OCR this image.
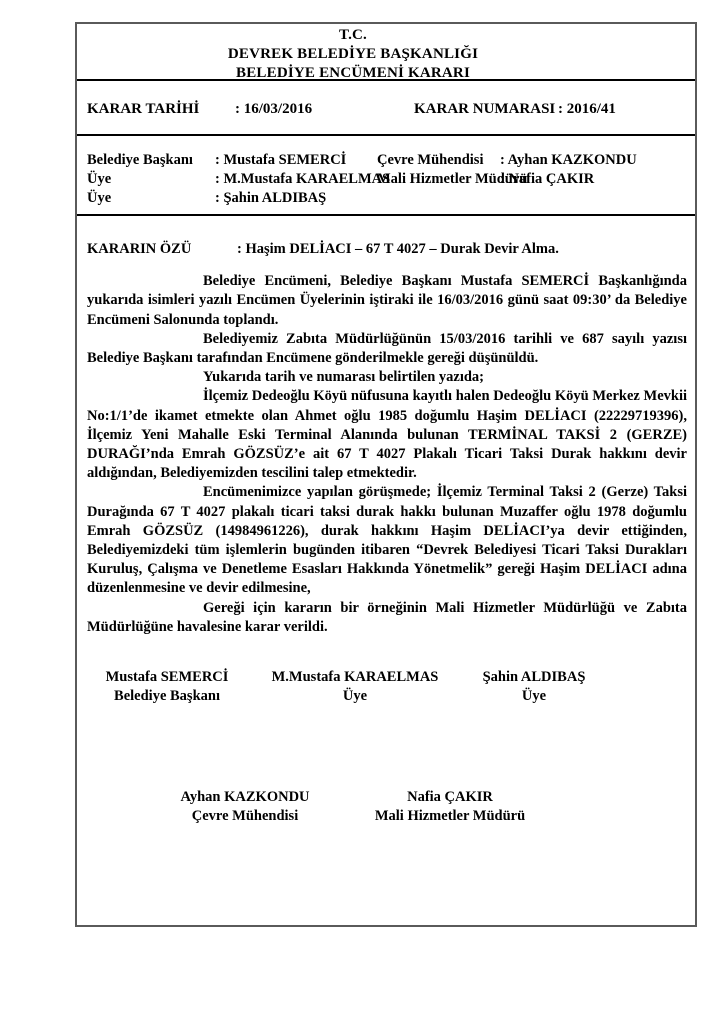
T.C.
DEVREK BELEDİYE BAŞKANLIĞI
BELEDİYE ENCÜMENİ KARARI
KARAR TARİHİ : 16/03/2016	KARAR NUMARASI : 2016/41
Belediye Başkanı
Üye
Üye
: Mustafa SEMERCİ
: M.Mustafa KARAELMAS
: Şahin ALDIBAŞ
Çevre Mühendisi
Mali Hizmetler Müdürü
: Ayhan KAZKONDU
: Nafia ÇAKIR
KARARIN ÖZÜ	: Haşim DELİACI – 67 T 4027 – Durak Devir Alma.

Belediye Encümeni, Belediye Başkanı Mustafa SEMERCİ Başkanlığında yukarıda isimleri yazılı Encümen Üyelerinin iştiraki ile 16/03/2016 günü saat 09:30’ da Belediye Encümeni Salonunda toplandı.

Belediyemiz Zabıta Müdürlüğünün 15/03/2016 tarihli ve 687 sayılı yazısı Belediye Başkanı tarafından Encümene gönderilmekle gereği düşünüldü.

Yukarıda tarih ve numarası belirtilen yazıda;

İlçemiz Dedeoğlu Köyü nüfusuna kayıtlı halen Dedeoğlu Köyü Merkez Mevkii No:1/1’de ikamet etmekte olan Ahmet oğlu 1985 doğumlu Haşim DELİACI (22229719396), İlçemiz Yeni Mahalle Eski Terminal Alanında bulunan TERMİNAL TAKSİ 2 (GERZE) DURAĞI’nda Emrah GÖZSÜZ’e ait 67 T 4027 Plakalı Ticari Taksi Durak hakkını devir aldığından, Belediyemizden tescilini talep etmektedir.

Encümenimizce yapılan görüşmede; İlçemiz Terminal Taksi 2 (Gerze) Taksi Durağında 67 T 4027 plakalı ticari taksi durak hakkı bulunan Muzaffer oğlu 1978 doğumlu Emrah GÖZSÜZ (14984961226), durak hakkını Haşim DELİACI’ya devir ettiğinden, Belediyemizdeki tüm işlemlerin bugünden itibaren “Devrek Belediyesi Ticari Taksi Durakları Kuruluş, Çalışma ve Denetleme Esasları Hakkında Yönetmelik” gereği Haşim DELİACI adına düzenlenmesine ve devir edilmesine,

Gereği için kararın bir örneğinin Mali Hizmetler Müdürlüğü ve Zabıta Müdürlüğüne havalesine karar verildi.

Mustafa SEMERCİ
Belediye Başkanı
M.Mustafa KARAELMAS
Üye
Şahin ALDIBAŞ
Üye
Ayhan KAZKONDU
Çevre Mühendisi
Nafia ÇAKIR
Mali Hizmetler Müdürü
